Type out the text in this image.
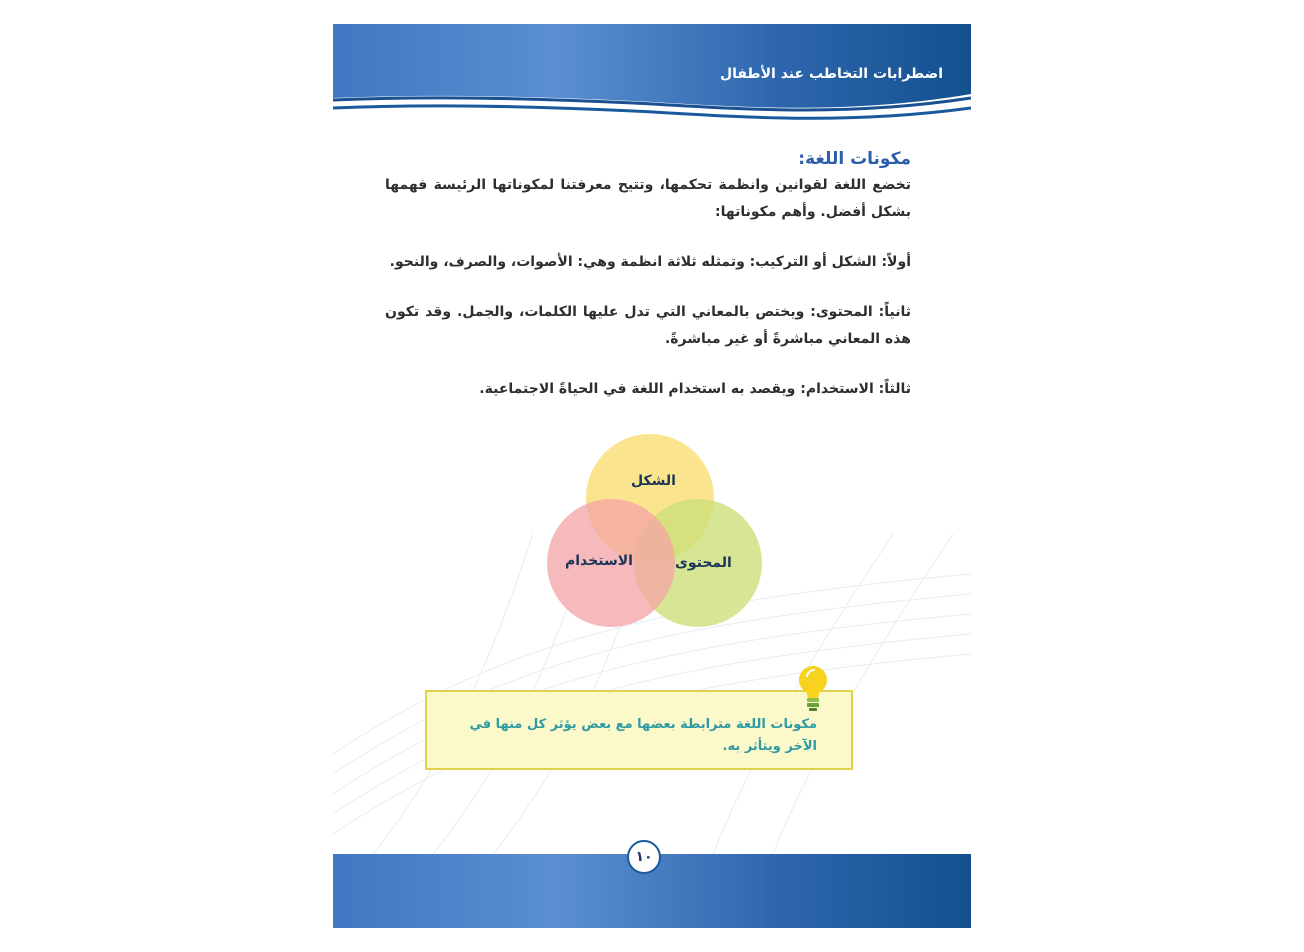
اضطرابات التخاطب عند الأطفال

مكونات اللغة:

تخضع اللغة لقوانين وانظمة تحكمها، وتتيح معرفتنا لمكوناتها الرئيسة فهمها بشكل أفضل. وأهم مكوناتها:

أولاً: الشكل أو التركيب: وتمثله ثلاثة انظمة وهي: الأصوات، والصرف، والنحو.

ثانياً: المحتوى: ويختص بالمعاني التي تدل عليها الكلمات، والجمل. وقد تكون هذه المعاني مباشرةً أو غير مباشرةً.

ثالثاً: الاستخدام: ويقصد به استخدام اللغة في الحياةً الاجتماعية.

الشكل
المحتوى
الاستخدام
مكونات اللغة مترابطة بعضها مع بعض يؤثر كل منها في الآخر ويتأثر به.
١٠
